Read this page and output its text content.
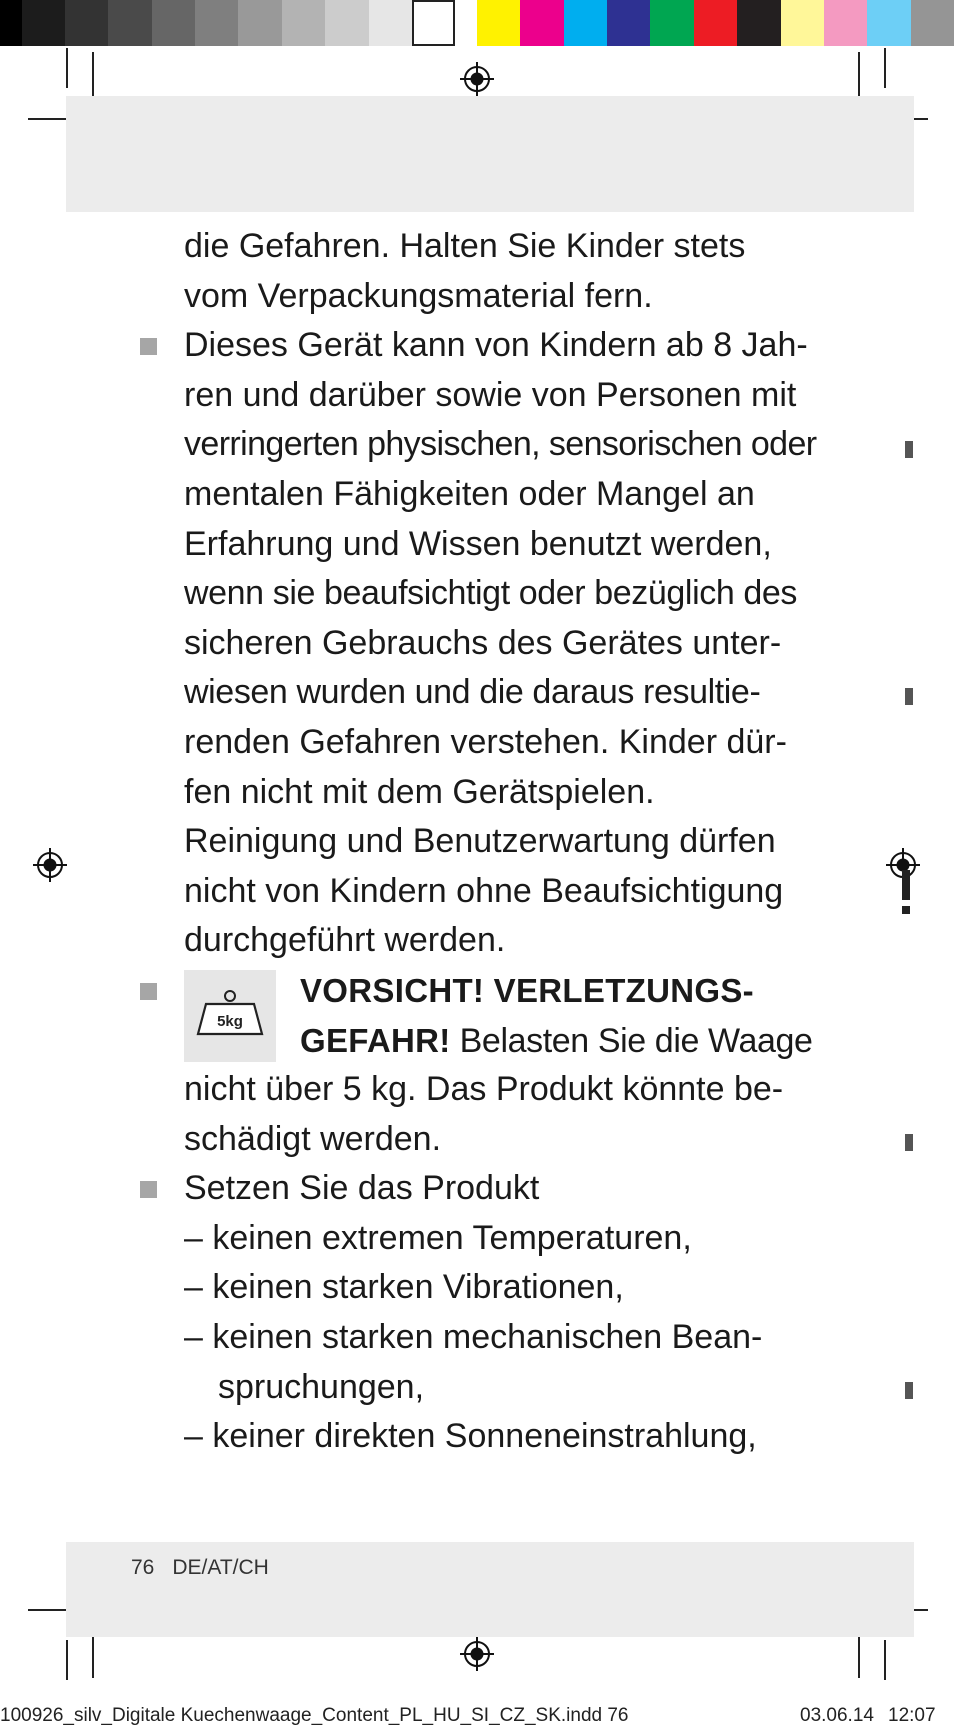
die Gefahren. Halten Sie Kinder stets
vom Verpackungsmaterial fern.
Dieses Gerät kann von Kindern ab 8 Jah-
ren und darüber sowie von Personen mit
verringerten physischen, sensorischen oder
mentalen Fähigkeiten oder Mangel an
Erfahrung und Wissen benutzt werden,
wenn sie beaufsichtigt oder bezüglich des
sicheren Gebrauchs des Gerätes unter-
wiesen wurden und die daraus resultie-
renden Gefahren verstehen. Kinder dür-
fen nicht mit dem Gerätspielen.
Reinigung und Benutzerwartung dürfen
nicht von Kindern ohne Beaufsichtigung
durchgeführt werden.
5kg
VORSICHT! VERLETZUNGS-
GEFAHR! Belasten Sie die Waage
nicht über 5 kg. Das Produkt könnte be-
schädigt werden.
Setzen Sie das Produkt
– keinen extremen Temperaturen,
– keinen starken Vibrationen,
– keinen starken mechanischen Bean-
spruchungen,
– keiner direkten Sonneneinstrahlung,
76 DE/AT/CH
100926_silv_Digitale Kuechenwaage_Content_PL_HU_SI_CZ_SK.indd 76	03.06.14 12:07
